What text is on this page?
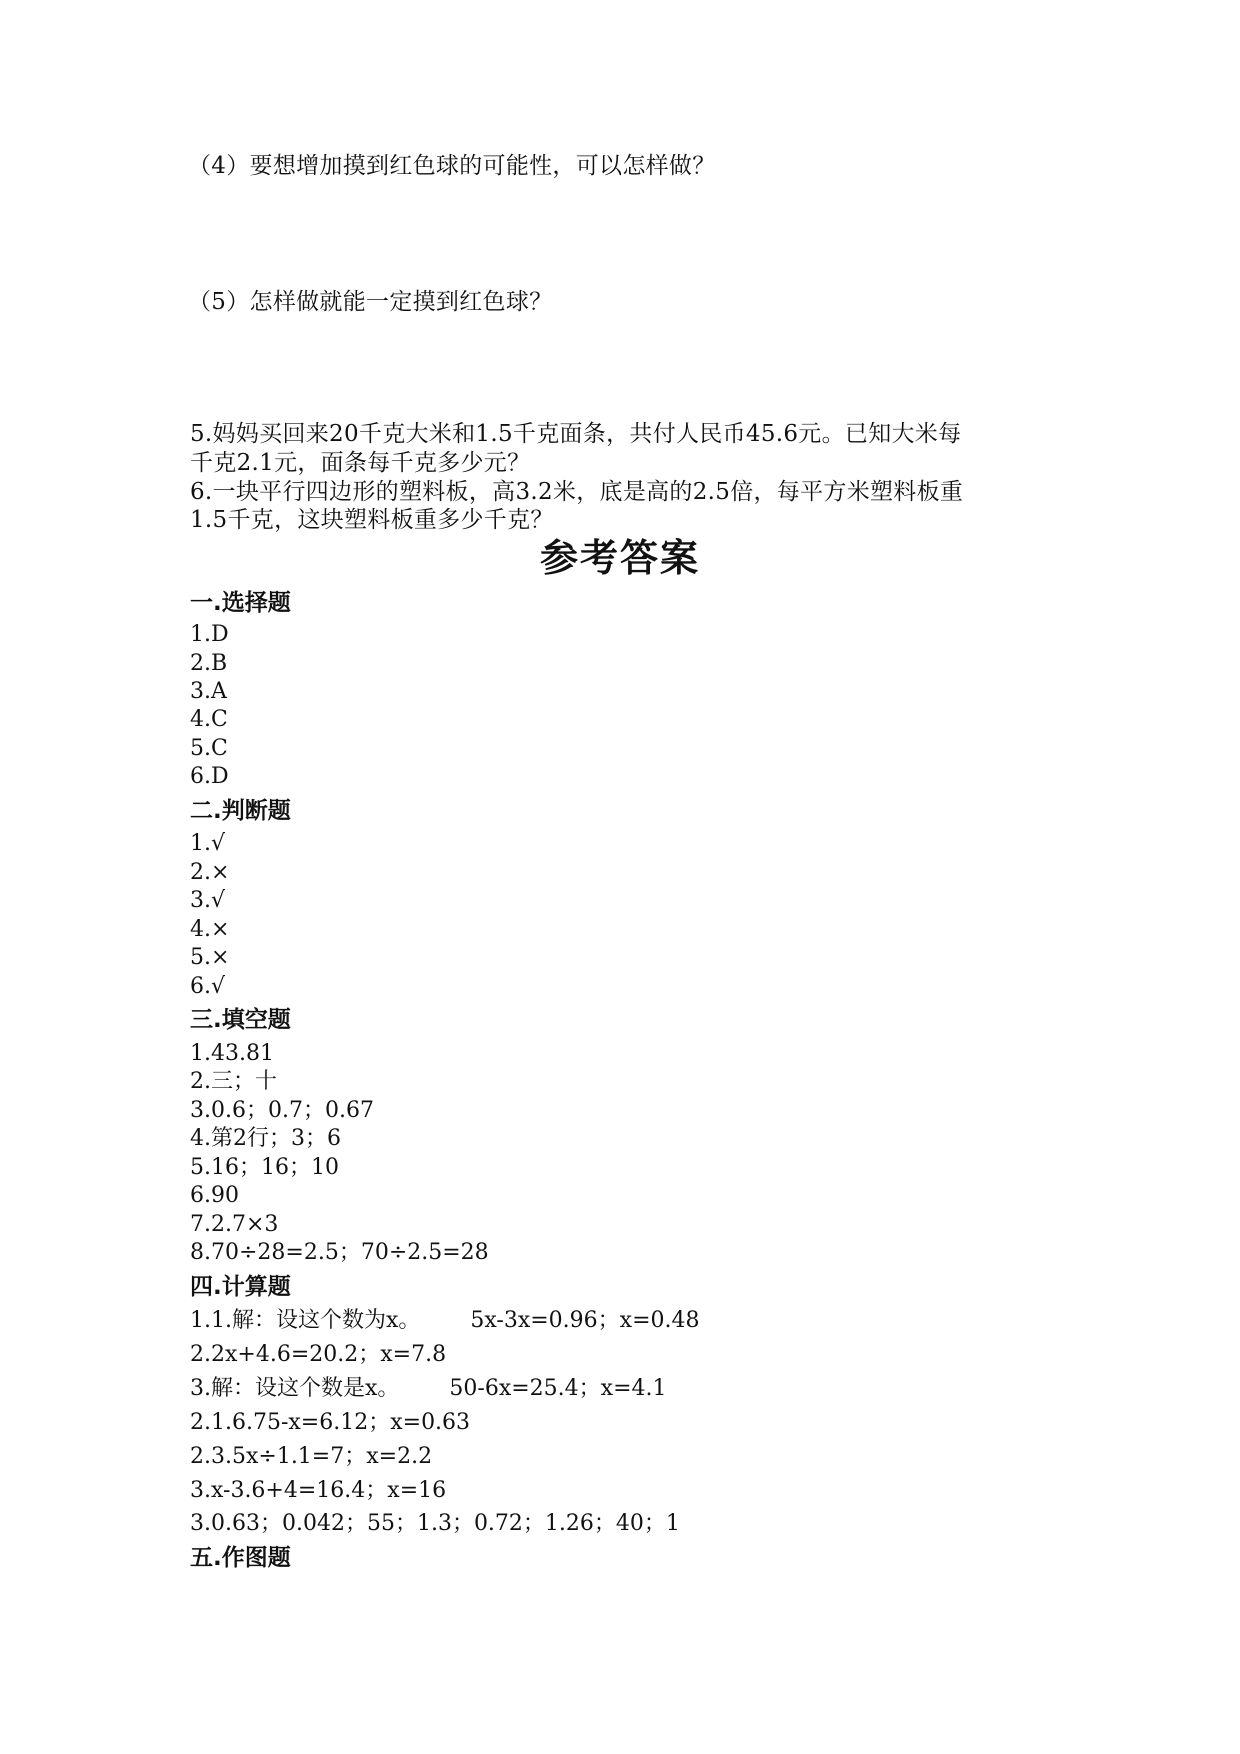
（4）要想增加摸到红色球的可能性，可以怎样做？
（5）怎样做就能一定摸到红色球？
5.妈妈买回来20千克大米和1.5千克面条，共付人民币45.6元。已知大米每
千克2.1元，面条每千克多少元？
6.一块平行四边形的塑料板，高3.2米，底是高的2.5倍，每平方米塑料板重
1.5千克，这块塑料板重多少千克？
参考答案
一.选择题
1.D
2.B
3.A
4.C
5.C
6.D
二.判断题
1.√
2.×
3.√
4.×
5.×
6.√
三.填空题
1.43.81
2.三；十
3.0.6；0.7；0.67
4.第2行；3；6
5.16；16；10
6.90
7.2.7×3
8.70÷28=2.5；70÷2.5=28
四.计算题
1.1.解：设这个数为x。 5x-3x=0.96；x=0.48
2.2x+4.6=20.2；x=7.8
3.解：设这个数是x。 50-6x=25.4；x=4.1
2.1.6.75-x=6.12；x=0.63
2.3.5x÷1.1=7；x=2.2
3.x-3.6+4=16.4；x=16
3.0.63；0.042；55；1.3；0.72；1.26；40；1
五.作图题
